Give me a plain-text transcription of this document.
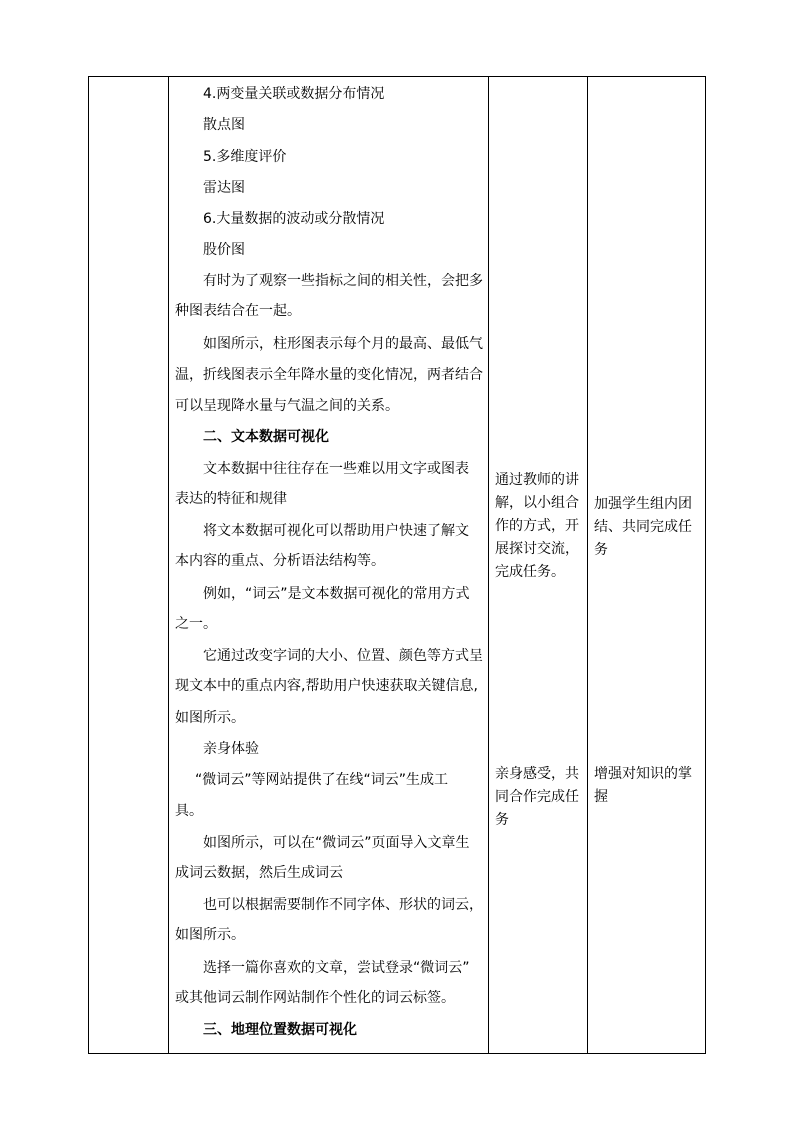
4.两变量关联或数据分布情况
散点图
5.多维度评价
雷达图
6.大量数据的波动或分散情况
股价图
有时为了观察一些指标之间的相关性，会把多
种图表结合在一起。
如图所示，柱形图表示每个月的最高、最低气
温，折线图表示全年降水量的变化情况，两者结合
可以呈现降水量与气温之间的关系。
二、文本数据可视化
文本数据中往往存在一些难以用文字或图表
表达的特征和规律
将文本数据可视化可以帮助用户快速了解文
本内容的重点、分析语法结构等。
例如，“词云”是文本数据可视化的常用方式
之一。
它通过改变字词的大小、位置、颜色等方式呈
现文本中的重点内容,帮助用户快速获取关键信息,
如图所示。
亲身体验
“微词云”等网站提供了在线“词云”生成工
具。
如图所示，可以在“微词云”页面导入文章生
成词云数据，然后生成词云
也可以根据需要制作不同字体、形状的词云，
如图所示。
选择一篇你喜欢的文章，尝试登录“微词云”
或其他词云制作网站制作个性化的词云标签。
三、地理位置数据可视化
通过教师的讲解，以小组合作的方式，开展探讨交流，完成任务。
亲身感受，共同合作完成任务
加强学生组内团结、共同完成任务
增强对知识的掌握
